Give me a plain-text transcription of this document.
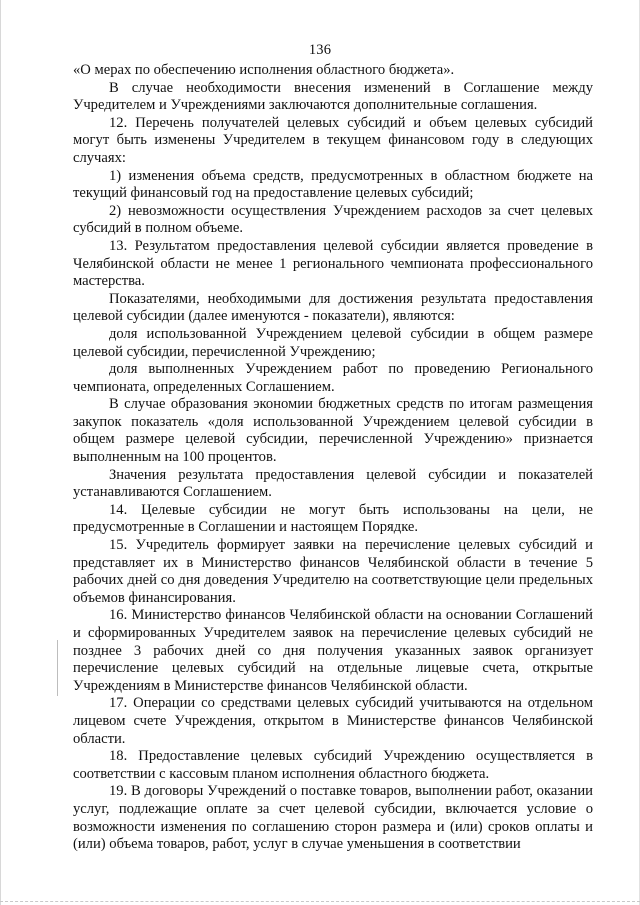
136

«О мерах по обеспечению исполнения областного бюджета».

В случае необходимости внесения изменений в Соглашение между Учредителем и Учреждениями заключаются дополнительные соглашения.

12. Перечень получателей целевых субсидий и объем целевых субсидий могут быть изменены Учредителем в текущем финансовом году в следующих случаях:

1) изменения объема средств, предусмотренных в областном бюджете на текущий финансовый год на предоставление целевых субсидий;

2) невозможности осуществления Учреждением расходов за счет целевых субсидий в полном объеме.

13. Результатом предоставления целевой субсидии является проведение в Челябинской области не менее 1 регионального чемпионата профессионального мастерства.

Показателями, необходимыми для достижения результата предоставления целевой субсидии (далее именуются - показатели), являются:

доля использованной Учреждением целевой субсидии в общем размере целевой субсидии, перечисленной Учреждению;

доля выполненных Учреждением работ по проведению Регионального чемпионата, определенных Соглашением.

В случае образования экономии бюджетных средств по итогам размещения закупок показатель «доля использованной Учреждением целевой субсидии в общем размере целевой субсидии, перечисленной Учреждению» признается выполненным на 100 процентов.

Значения результата предоставления целевой субсидии и показателей устанавливаются Соглашением.

14. Целевые субсидии не могут быть использованы на цели, не предусмотренные в Соглашении и настоящем Порядке.

15. Учредитель формирует заявки на перечисление целевых субсидий и представляет их в Министерство финансов Челябинской области в течение 5 рабочих дней со дня доведения Учредителю на соответствующие цели предельных объемов финансирования.

16. Министерство финансов Челябинской области на основании Соглашений и сформированных Учредителем заявок на перечисление целевых субсидий не позднее 3 рабочих дней со дня получения указанных заявок организует перечисление целевых субсидий на отдельные лицевые счета, открытые Учреждениям в Министерстве финансов Челябинской области.

17. Операции со средствами целевых субсидий учитываются на отдельном лицевом счете Учреждения, открытом в Министерстве финансов Челябинской области.

18. Предоставление целевых субсидий Учреждению осуществляется в соответствии с кассовым планом исполнения областного бюджета.

19. В договоры Учреждений о поставке товаров, выполнении работ, оказании услуг, подлежащие оплате за счет целевой субсидии, включается условие о возможности изменения по соглашению сторон размера и (или) сроков оплаты и (или) объема товаров, работ, услуг в случае уменьшения в соответствии
